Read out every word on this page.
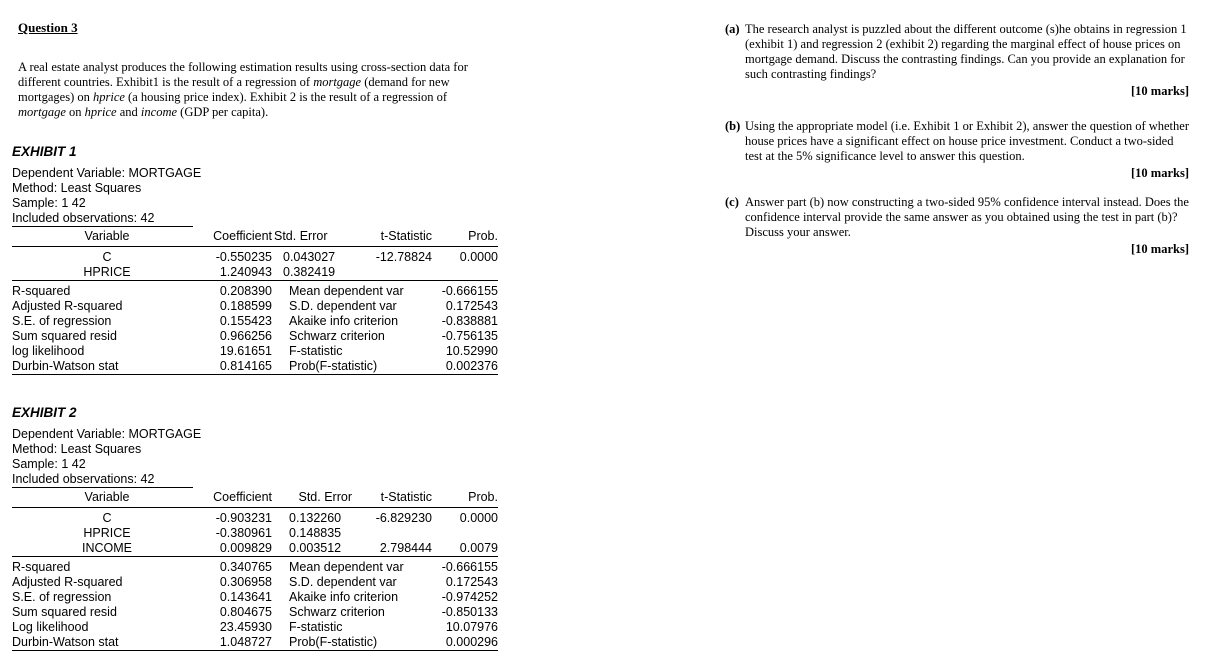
Question 3
A real estate analyst produces the following estimation results using cross-section data for different countries. Exhibit1 is the result of a regression of mortgage (demand for new mortgages) on hprice (a housing price index). Exhibit 2 is the result of a regression of mortgage on hprice and income (GDP per capita).
EXHIBIT 1
Dependent Variable: MORTGAGE
Method: Least Squares
Sample: 1 42
Included observations: 42
Variable	Coefficient	Std. Error	t-Statistic	Prob.

C	-0.550235	0.043027	-12.78824	0.0000
HPRICE	1.240943	0.382419		

R-squared	0.208390	Mean dependent var		-0.666155
Adjusted R-squared	0.188599	S.D. dependent var		0.172543
S.E. of regression	0.155423	Akaike info criterion		-0.838881
Sum squared resid	0.966256	Schwarz criterion		-0.756135
log likelihood	19.61651	F-statistic		10.52990
Durbin-Watson stat	0.814165	Prob(F-statistic)		0.002376
EXHIBIT 2
Dependent Variable: MORTGAGE
Method: Least Squares
Sample: 1 42
Included observations: 42
Variable	Coefficient	Std. Error	t-Statistic	Prob.

C	-0.903231	0.132260	-6.829230	0.0000
HPRICE	-0.380961	0.148835		
INCOME	0.009829	0.003512	2.798444	0.0079

R-squared	0.340765	Mean dependent var		-0.666155
Adjusted R-squared	0.306958	S.D. dependent var		0.172543
S.E. of regression	0.143641	Akaike info criterion		-0.974252
Sum squared resid	0.804675	Schwarz criterion		-0.850133
Log likelihood	23.45930	F-statistic		10.07976
Durbin-Watson stat	1.048727	Prob(F-statistic)		0.000296
(a) The research analyst is puzzled about the different outcome (s)he obtains in regression 1 (exhibit 1) and regression 2 (exhibit 2) regarding the marginal effect of house prices on mortgage demand. Discuss the contrasting findings. Can you provide an explanation for such contrasting findings?
[10 marks]
(b) Using the appropriate model (i.e. Exhibit 1 or Exhibit 2), answer the question of whether house prices have a significant effect on house price investment. Conduct a two-sided test at the 5% significance level to answer this question.
[10 marks]
(c) Answer part (b) now constructing a two-sided 95% confidence interval instead. Does the confidence interval provide the same answer as you obtained using the test in part (b)? Discuss your answer.
[10 marks]
